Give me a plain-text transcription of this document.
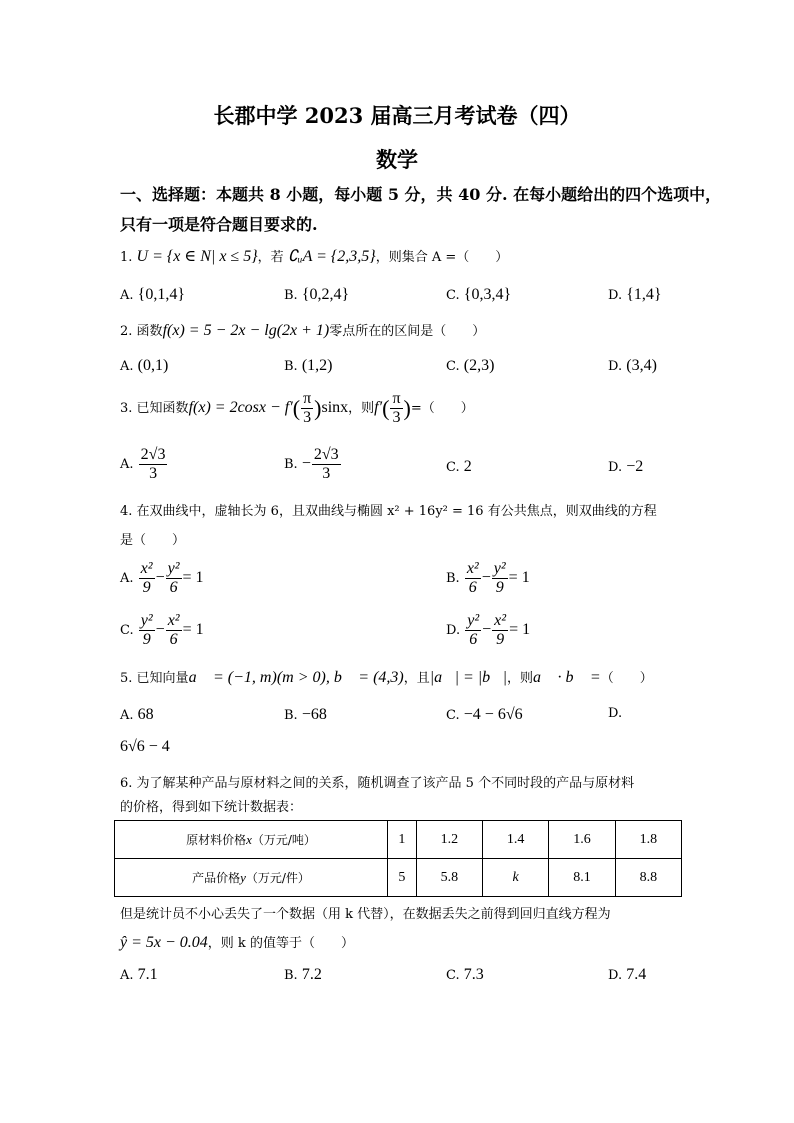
长郡中学 2023 届高三月考试卷（四）
数学
一、选择题：本题共 8 小题，每小题 5 分，共 40 分. 在每小题给出的四个选项中，
只有一项是符合题目要求的.
1. U = {x ∈ N| x ≤ 5}，若 ∁ᵤA = {2,3,5}，则集合 A =（　　）
A. {0,1,4}	B. {0,2,4}	C. {0,3,4}	D. {1,4}
2. 函数f(x) = 5 − 2x − lg(2x + 1)零点所在的区间是（　　）
A. (0,1)	B. (1,2)	C. (2,3)	D. (3,4)
3. 已知函数$f(x) = 2\cos x - f'( \frac{\pi}{3} )\sin x$，则$f'( \frac{\pi}{3}$ )=（　　）
A. $\frac{2√3}{3}$	B. − $\frac{2√3}{3}$	C. 2	D. −2
4. 在双曲线中，虚轴长为 6，且双曲线与椭圆 x² + 16y² = 16 有公共焦点，则双曲线的方程
是（　　）
A. $\frac{\text{x²}}{9} - \frac{\text{y²}}{6} = 1$	B. $\frac{\text{x²}}{6} - \frac{\text{y²}}{9} = 1$
C. $\frac{\text{y²}}{9} - \frac{\text{x²}}{6} = 1$	D. $\frac{\text{y²}}{6} - \frac{\text{x²}}{9} = 1$
5. 已知向量a⃗ = (−1, m)(m > 0), b⃗ = (4,3)，且|a⃗| = |b⃗|，则a⃗ · b⃗ =（　　）
A. 68	B. −68	C. −4 − 6√6	D.
6√6 − 4
6. 为了解某种产品与原材料之间的关系，随机调查了该产品 5 个不同时段的产品与原材料
的价格，得到如下统计数据表：
原材料价格x（万元/吨）	1	1.2	1.4	1.6	1.8
产品价格y（万元/件）	5	5.8	k	8.1	8.8
但是统计员不小心丢失了一个数据（用 k 代替），在数据丢失之前得到回归直线方程为
ŷ = 5x − 0.04，则 k 的值等于（　　）
A. 7.1	B. 7.2	C. 7.3	D. 7.4
